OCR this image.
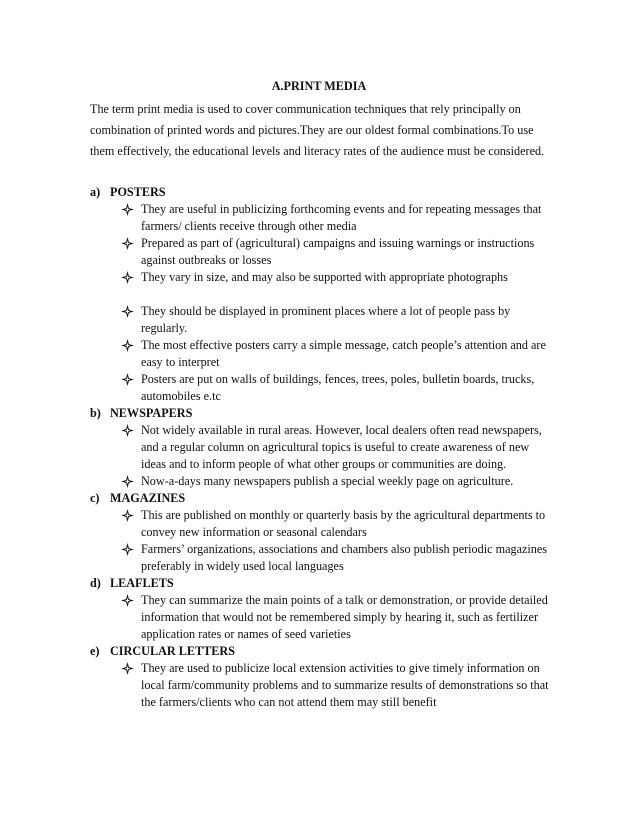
A.PRINT MEDIA

The term print media is used to cover communication techniques that rely principally on
combination of printed words and pictures.They are our oldest formal combinations.To use
them effectively, the educational levels and literacy rates of the audience must be considered.

a) POSTERS
They are useful in publicizing forthcoming events and for repeating messages that
farmers/ clients receive through other media
Prepared as part of (agricultural) campaigns and issuing warnings or instructions
against outbreaks or losses
They vary in size, and may also be supported with appropriate photographs
They should be displayed in prominent places where a lot of people pass by
regularly.
The most effective posters carry a simple message, catch people’s attention and are
easy to interpret
Posters are put on walls of buildings, fences, trees, poles, bulletin boards, trucks,
automobiles e.tc
b) NEWSPAPERS
Not widely available in rural areas. However, local dealers often read newspapers,
and a regular column on agricultural topics is useful to create awareness of new
ideas and to inform people of what other groups or communities are doing.
Now-a-days many newspapers publish a special weekly page on agriculture.
c) MAGAZINES
This are published on monthly or quarterly basis by the agricultural departments to
convey new information or seasonal calendars
Farmers’ organizations, associations and chambers also publish periodic magazines
preferably in widely used local languages
d) LEAFLETS
They can summarize the main points of a talk or demonstration, or provide detailed
information that would not be remembered simply by hearing it, such as fertilizer
application rates or names of seed varieties
e) CIRCULAR LETTERS
They are used to publicize local extension activities to give timely information on
local farm/community problems and to summarize results of demonstrations so that
the farmers/clients who can not attend them may still benefit
